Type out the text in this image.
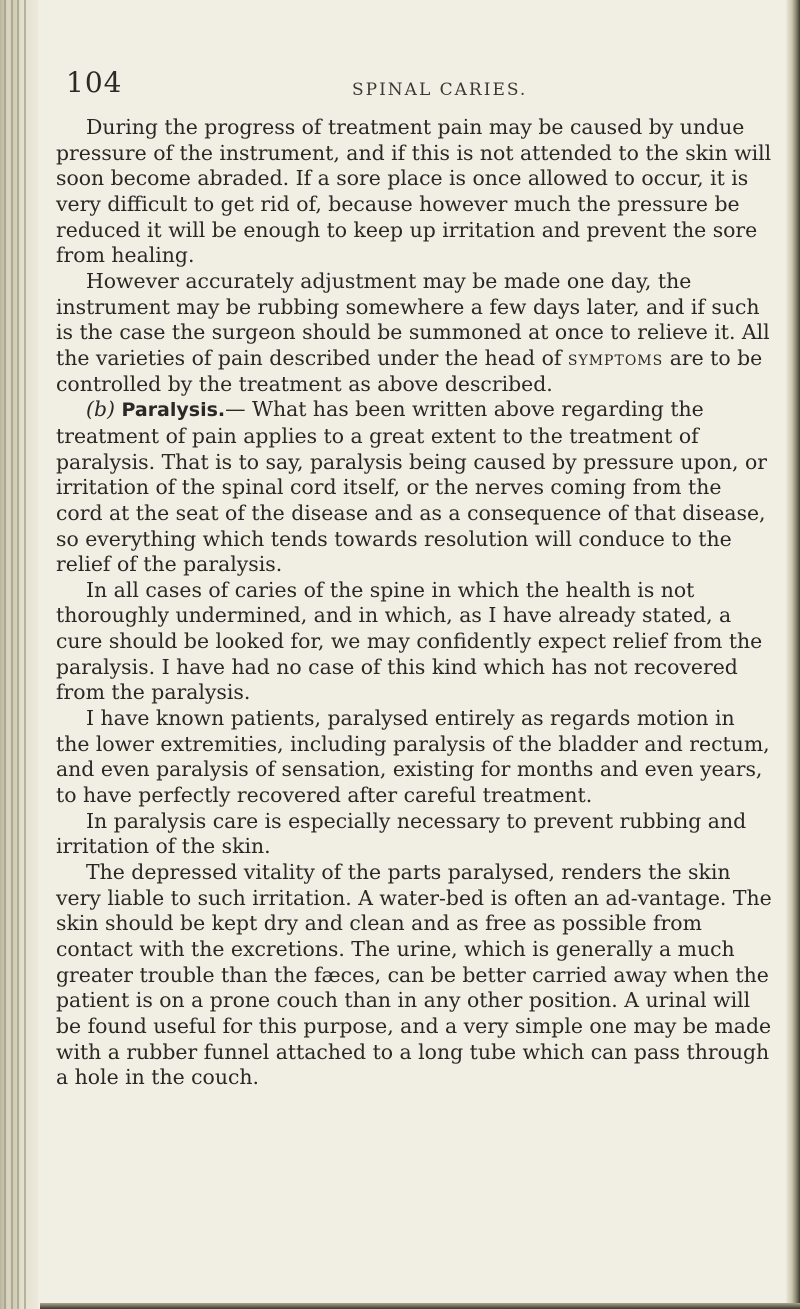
104	SPINAL CARIES.

During the progress of treatment pain may be caused by undue pressure of the instrument, and if this is not attended to the skin will soon become abraded. If a sore place is once allowed to occur, it is very difficult to get rid of, because however much the pressure be reduced it will be enough to keep up irritation and prevent the sore from healing.

However accurately adjustment may be made one day, the instrument may be rubbing somewhere a few days later, and if such is the case the surgeon should be summoned at once to relieve it. All the varieties of pain described under the head of symptoms are to be controlled by the treatment as above described.

(b) Paralysis.— What has been written above regarding the treatment of pain applies to a great extent to the treatment of paralysis. That is to say, paralysis being caused by pressure upon, or irritation of the spinal cord itself, or the nerves coming from the cord at the seat of the disease and as a consequence of that disease, so everything which tends towards resolution will conduce to the relief of the paralysis.

In all cases of caries of the spine in which the health is not thoroughly undermined, and in which, as I have already stated, a cure should be looked for, we may confidently expect relief from the paralysis. I have had no case of this kind which has not recovered from the paralysis.

I have known patients, paralysed entirely as regards motion in the lower extremities, including paralysis of the bladder and rectum, and even paralysis of sensation, existing for months and even years, to have perfectly recovered after careful treatment.

In paralysis care is especially necessary to prevent rubbing and irritation of the skin.

The depressed vitality of the parts paralysed, renders the skin very liable to such irritation. A water-bed is often an ad-vantage. The skin should be kept dry and clean and as free as possible from contact with the excretions. The urine, which is generally a much greater trouble than the fæces, can be better carried away when the patient is on a prone couch than in any other position. A urinal will be found useful for this purpose, and a very simple one may be made with a rubber funnel attached to a long tube which can pass through a hole in the couch.
